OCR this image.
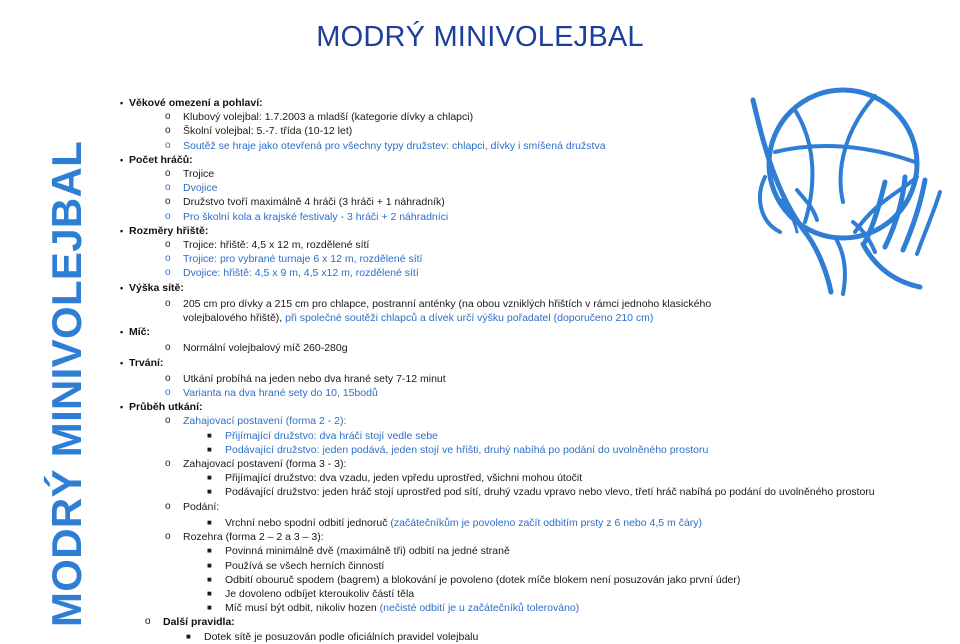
MODRÝ MINIVOLEJBAL
MODRÝ MINIVOLEJBAL
• Věkové omezení a pohlaví:
o Klubový volejbal: 1.7.2003 a mladší (kategorie dívky a chlapci)
o Školní volejbal: 5.-7. třída (10-12 let)
o Soutěž se hraje jako otevřená pro všechny typy družstev: chlapci, dívky i smíšená družstva
• Počet hráčů:
o Trojice
o Dvojice
o Družstvo tvoří maximálně 4 hráči (3 hráči + 1 náhradník)
o Pro školní kola a krajské festivaly - 3 hráči + 2 náhradníci
• Rozměry hřiště:
o Trojice: hřiště: 4,5 x 12 m, rozdělené sítí
o Trojice: pro vybrané turnaje 6 x 12 m, rozdělené sítí
o Dvojice: hřiště: 4,5 x 9 m, 4,5 x12 m, rozdělené sítí
• Výška sítě:
o 205 cm pro dívky a 215 cm pro chlapce, postranní anténky (na obou vzniklých hřištích v rámci jednoho klasického
volejbalového hřiště), při společné soutěži chlapců a dívek určí výšku pořadatel (doporučeno 210 cm)
• Míč:
o Normální volejbalový míč 260-280g
• Trvání:
o Utkání probíhá na jeden nebo dva hrané sety 7-12 minut
o Varianta na dva hrané sety do 10, 15bodů
• Průběh utkání:
o Zahajovací postavení (forma 2 - 2):
■ Přijímající družstvo: dva hráči stojí vedle sebe
■ Podávající družstvo: jeden podává, jeden stojí ve hřišti, druhý nabíhá po podání do uvolněného prostoru
o Zahajovací postavení (forma 3 - 3):
■ Přijímající družstvo: dva vzadu, jeden vpředu uprostřed, všichni mohou útočit
■ Podávající družstvo: jeden hráč stojí uprostřed pod sítí, druhý vzadu vpravo nebo vlevo, třetí hráč nabíhá po podání do uvolněného prostoru
o Podání:
■ Vrchní nebo spodní odbití jednoruč (začátečníkům je povoleno začít odbitím prsty z 6 nebo 4,5 m čáry)
o Rozehra (forma 2 – 2 a 3 – 3):
■ Povinná minimálně dvě (maximálně tři) odbití na jedné straně
■ Používá se všech herních činností
■ Odbití obouruč spodem (bagrem) a blokování je povoleno (dotek míče blokem není posuzován jako první úder)
■ Je dovoleno odbíjet kteroukoliv částí těla
■ Míč musí být odbit, nikoliv hozen (nečisté odbití je u začátečníků tolerováno)
o Další pravidla:
■ Dotek sítě je posuzován podle oficiálních pravidel volejbalu
